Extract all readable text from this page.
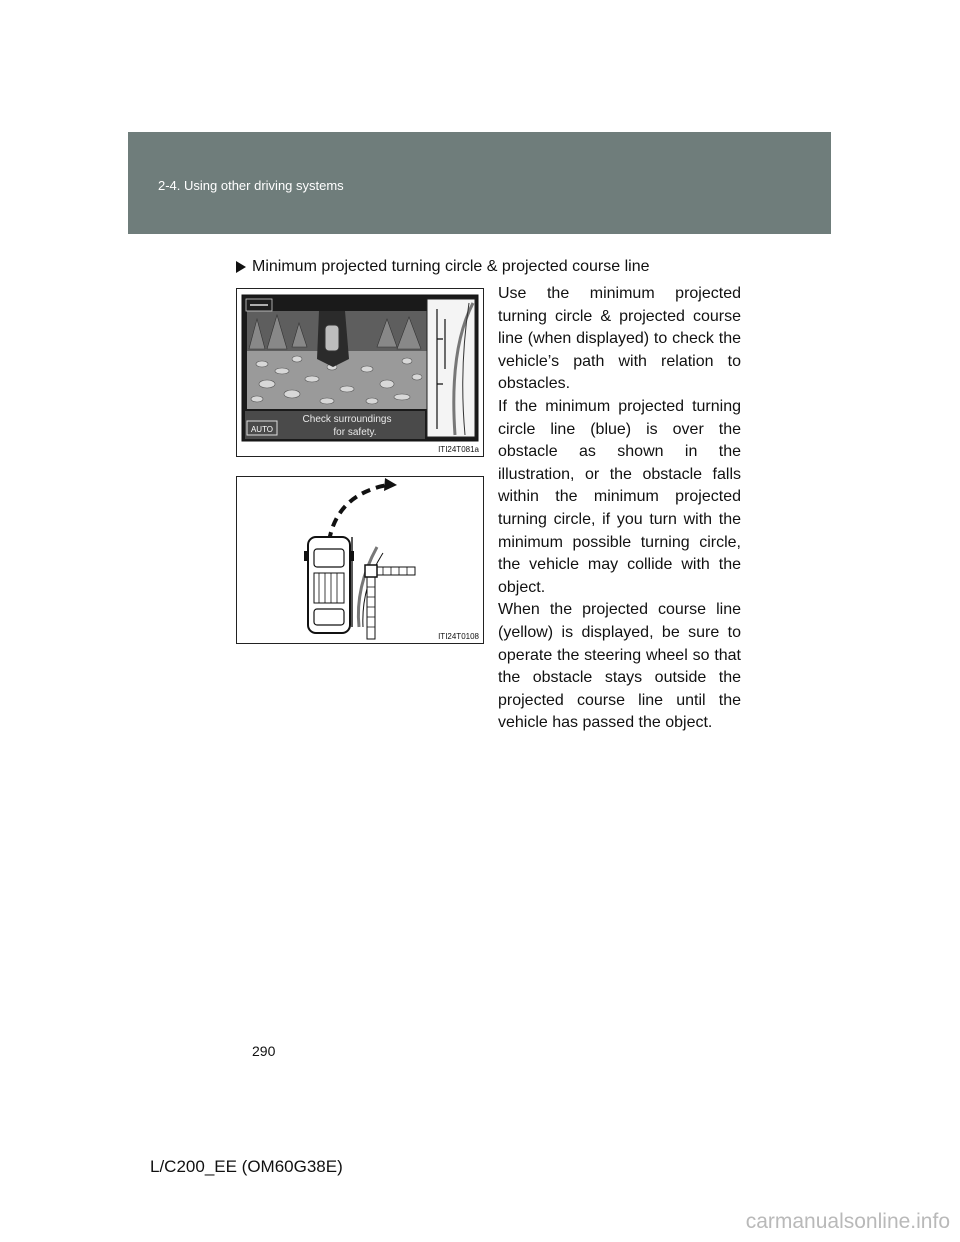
2-4. Using other driving systems
Minimum projected turning circle & projected course line
AUTO
Check surroundings
for safety.
ITI24T081a
ITI24T0108

Use the minimum projected turning circle & projected course line (when displayed) to check the vehicle’s path with relation to obstacles.

If the minimum projected turning circle line (blue) is over the obstacle as shown in the illustration, or the obstacle falls within the minimum projected turning circle, if you turn with the minimum possible turning circle, the vehicle may collide with the object.

When the projected course line (yellow) is displayed, be sure to operate the steering wheel so that the obstacle stays outside the projected course line until the vehicle has passed the object.

290
L/C200_EE (OM60G38E)
carmanualsonline.info
